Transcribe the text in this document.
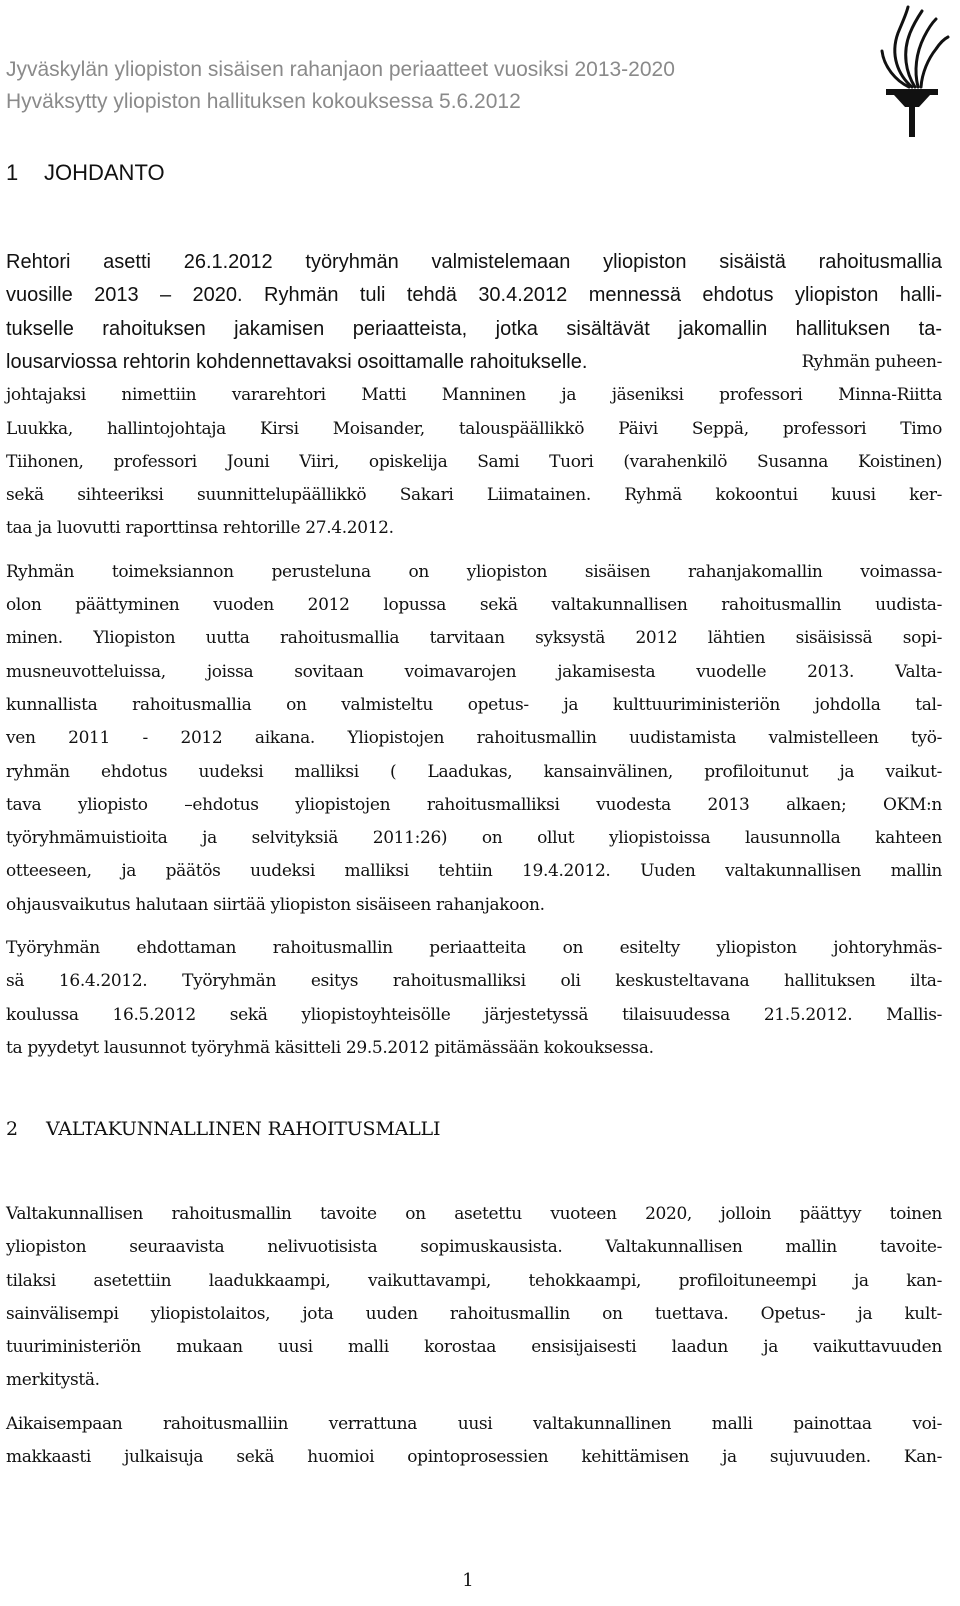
Jyväskylän yliopiston sisäisen rahanjaon periaatteet vuosiksi 2013-2020
Hyväksytty yliopiston hallituksen kokouksessa 5.6.2012
1 JOHDANTO
Rehtori asetti 26.1.2012 työryhmän valmistelemaan yliopiston sisäistä rahoitusmallia
vuosille 2013 – 2020. Ryhmän tuli tehdä 30.4.2012 mennessä ehdotus yliopiston halli-
tukselle rahoituksen jakamisen periaatteista, jotka sisältävät jakomallin hallituksen ta-
lousarviossa rehtorin kohdennettavaksi osoittamalle rahoitukselle.	Ryhmän puheen-
johtajaksi nimettiin vararehtori Matti Manninen ja jäseniksi professori Minna-Riitta
Luukka, hallintojohtaja Kirsi Moisander, talouspäällikkö Päivi Seppä, professori Timo
Tiihonen, professori Jouni Viiri, opiskelija Sami Tuori (varahenkilö Susanna Koistinen)
sekä sihteeriksi suunnittelupäällikkö Sakari Liimatainen. Ryhmä kokoontui kuusi ker-
taa ja luovutti raporttinsa rehtorille 27.4.2012.
Ryhmän toimeksiannon perusteluna on yliopiston sisäisen rahanjakomallin voimassa-
olon päättyminen vuoden 2012 lopussa sekä valtakunnallisen rahoitusmallin uudista-
minen. Yliopiston uutta rahoitusmallia tarvitaan syksystä 2012 lähtien sisäisissä sopi-
musneuvotteluissa, joissa sovitaan voimavarojen jakamisesta vuodelle 2013. Valta-
kunnallista rahoitusmallia on valmisteltu opetus- ja kulttuuriministeriön johdolla tal-
ven 2011 - 2012 aikana. Yliopistojen rahoitusmallin uudistamista valmistelleen työ-
ryhmän ehdotus uudeksi malliksi ( Laadukas, kansainvälinen, profiloitunut ja vaikut-
tava yliopisto –ehdotus yliopistojen rahoitusmalliksi vuodesta 2013 alkaen; OKM:n
työryhmämuistioita ja selvityksiä 2011:26) on ollut yliopistoissa lausunnolla kahteen
otteeseen, ja päätös uudeksi malliksi tehtiin 19.4.2012. Uuden valtakunnallisen mallin
ohjausvaikutus halutaan siirtää yliopiston sisäiseen rahanjakoon.
Työryhmän ehdottaman rahoitusmallin periaatteita on esitelty yliopiston johtoryhmäs-
sä 16.4.2012. Työryhmän esitys rahoitusmalliksi oli keskusteltavana hallituksen ilta-
koulussa 16.5.2012 sekä yliopistoyhteisölle järjestetyssä tilaisuudessa 21.5.2012. Mallis-
ta pyydetyt lausunnot työryhmä käsitteli 29.5.2012 pitämässään kokouksessa.
2 VALTAKUNNALLINEN RAHOITUSMALLI
Valtakunnallisen rahoitusmallin tavoite on asetettu vuoteen 2020, jolloin päättyy toinen
yliopiston seuraavista nelivuotisista sopimuskausista. Valtakunnallisen mallin tavoite-
tilaksi asetettiin laadukkaampi, vaikuttavampi, tehokkaampi, profiloituneempi ja kan-
sainvälisempi yliopistolaitos, jota uuden rahoitusmallin on tuettava. Opetus- ja kult-
tuuriministeriön mukaan uusi malli korostaa ensisijaisesti laadun ja vaikuttavuuden
merkitystä.
Aikaisempaan rahoitusmalliin verrattuna uusi valtakunnallinen malli painottaa voi-
makkaasti julkaisuja sekä huomioi opintoprosessien kehittämisen ja sujuvuuden. Kan-
1
